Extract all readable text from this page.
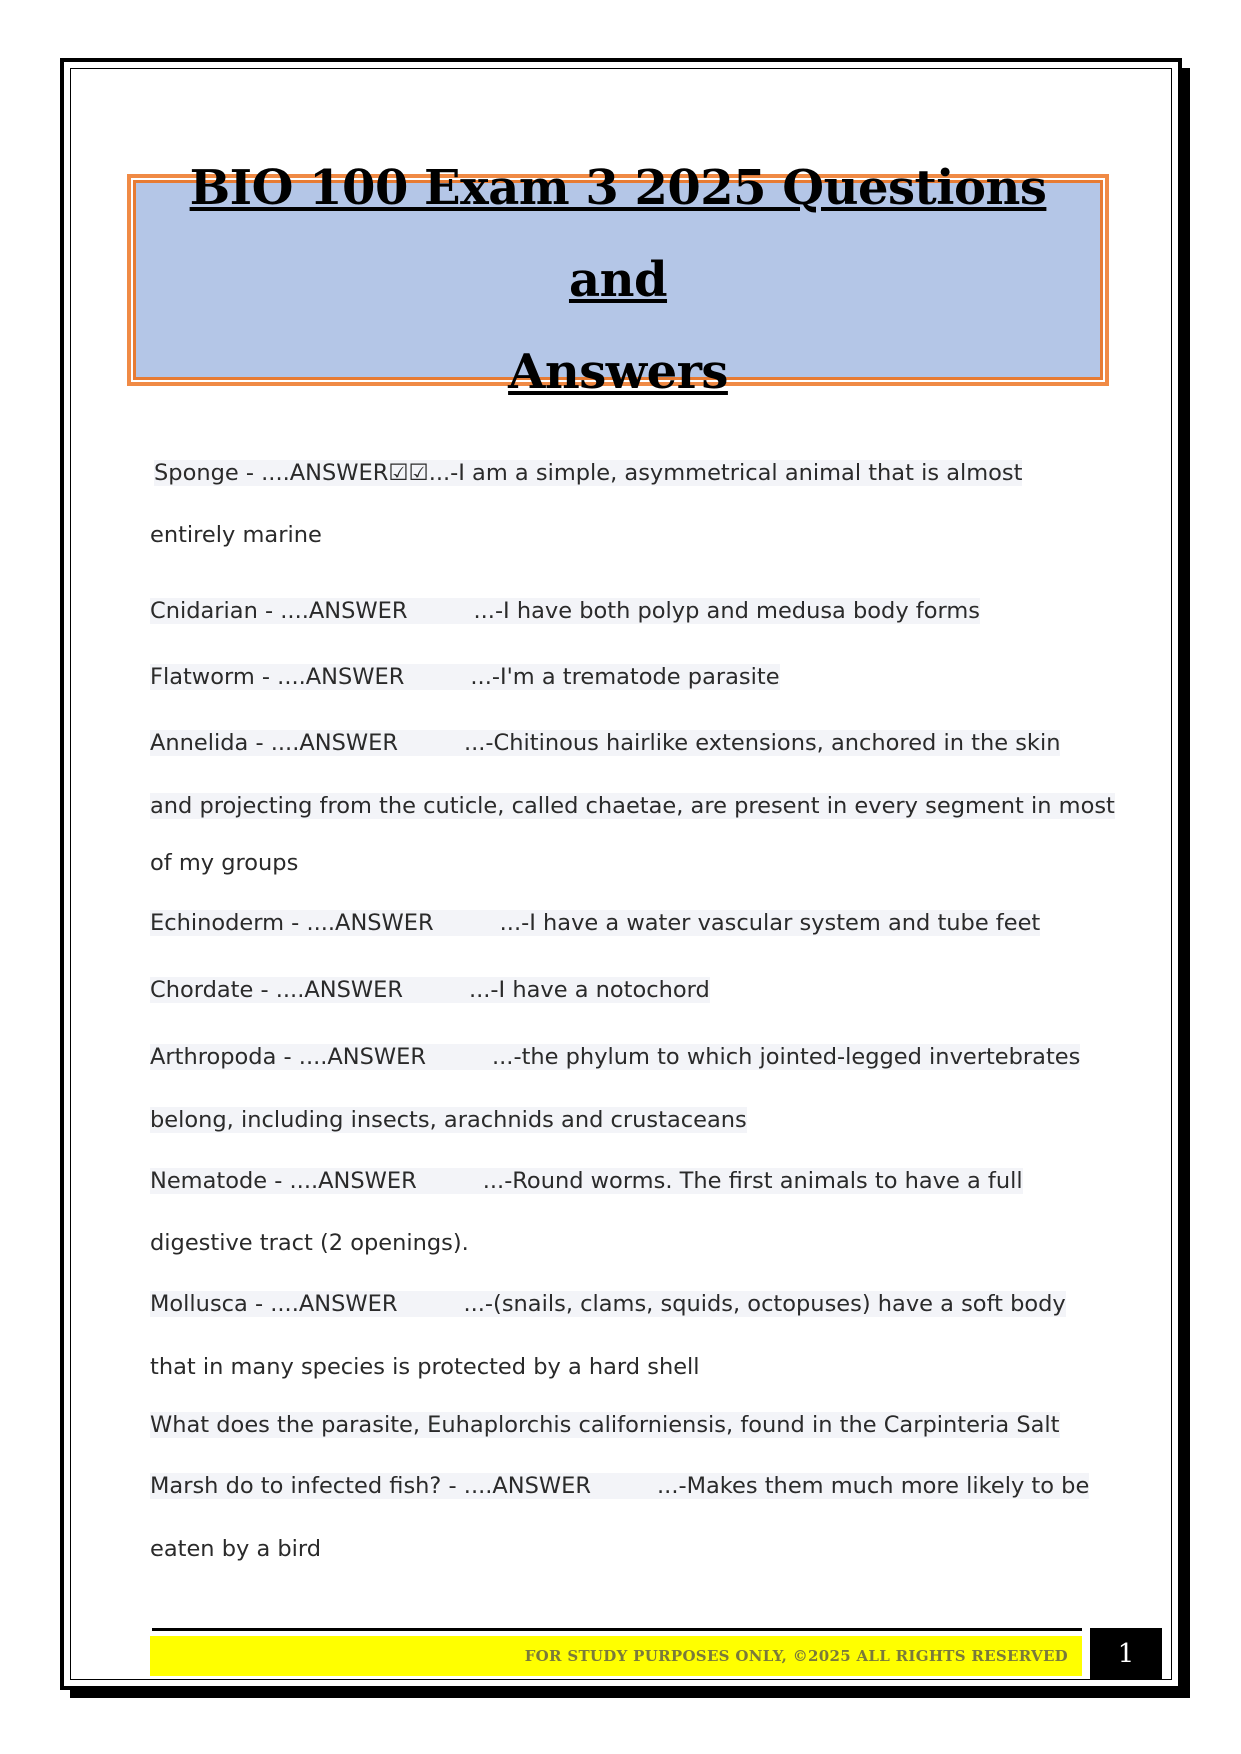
BIO 100 Exam 3 2025 Questions and
Answers
Sponge - ....ANSWER☑☑...-I am a simple, asymmetrical animal that is almost
entirely marine
Cnidarian - ....ANSWER	...-I have both polyp and medusa body forms
Flatworm - ....ANSWER	...-I'm a trematode parasite
Annelida - ....ANSWER	...-Chitinous hairlike extensions, anchored in the skin
and projecting from the cuticle, called chaetae, are present in every segment in most
of my groups
Echinoderm - ....ANSWER	...-I have a water vascular system and tube feet
Chordate - ....ANSWER	...-I have a notochord
Arthropoda - ....ANSWER	...-the phylum to which jointed-legged invertebrates
belong, including insects, arachnids and crustaceans
Nematode - ....ANSWER	...-Round worms. The first animals to have a full
digestive tract (2 openings).
Mollusca - ....ANSWER	...-(snails, clams, squids, octopuses) have a soft body
that in many species is protected by a hard shell
What does the parasite, Euhaplorchis californiensis, found in the Carpinteria Salt
Marsh do to infected fish? - ....ANSWER	...-Makes them much more likely to be
eaten by a bird
FOR STUDY PURPOSES ONLY, ©2025 ALL RIGHTS RESERVED	1
